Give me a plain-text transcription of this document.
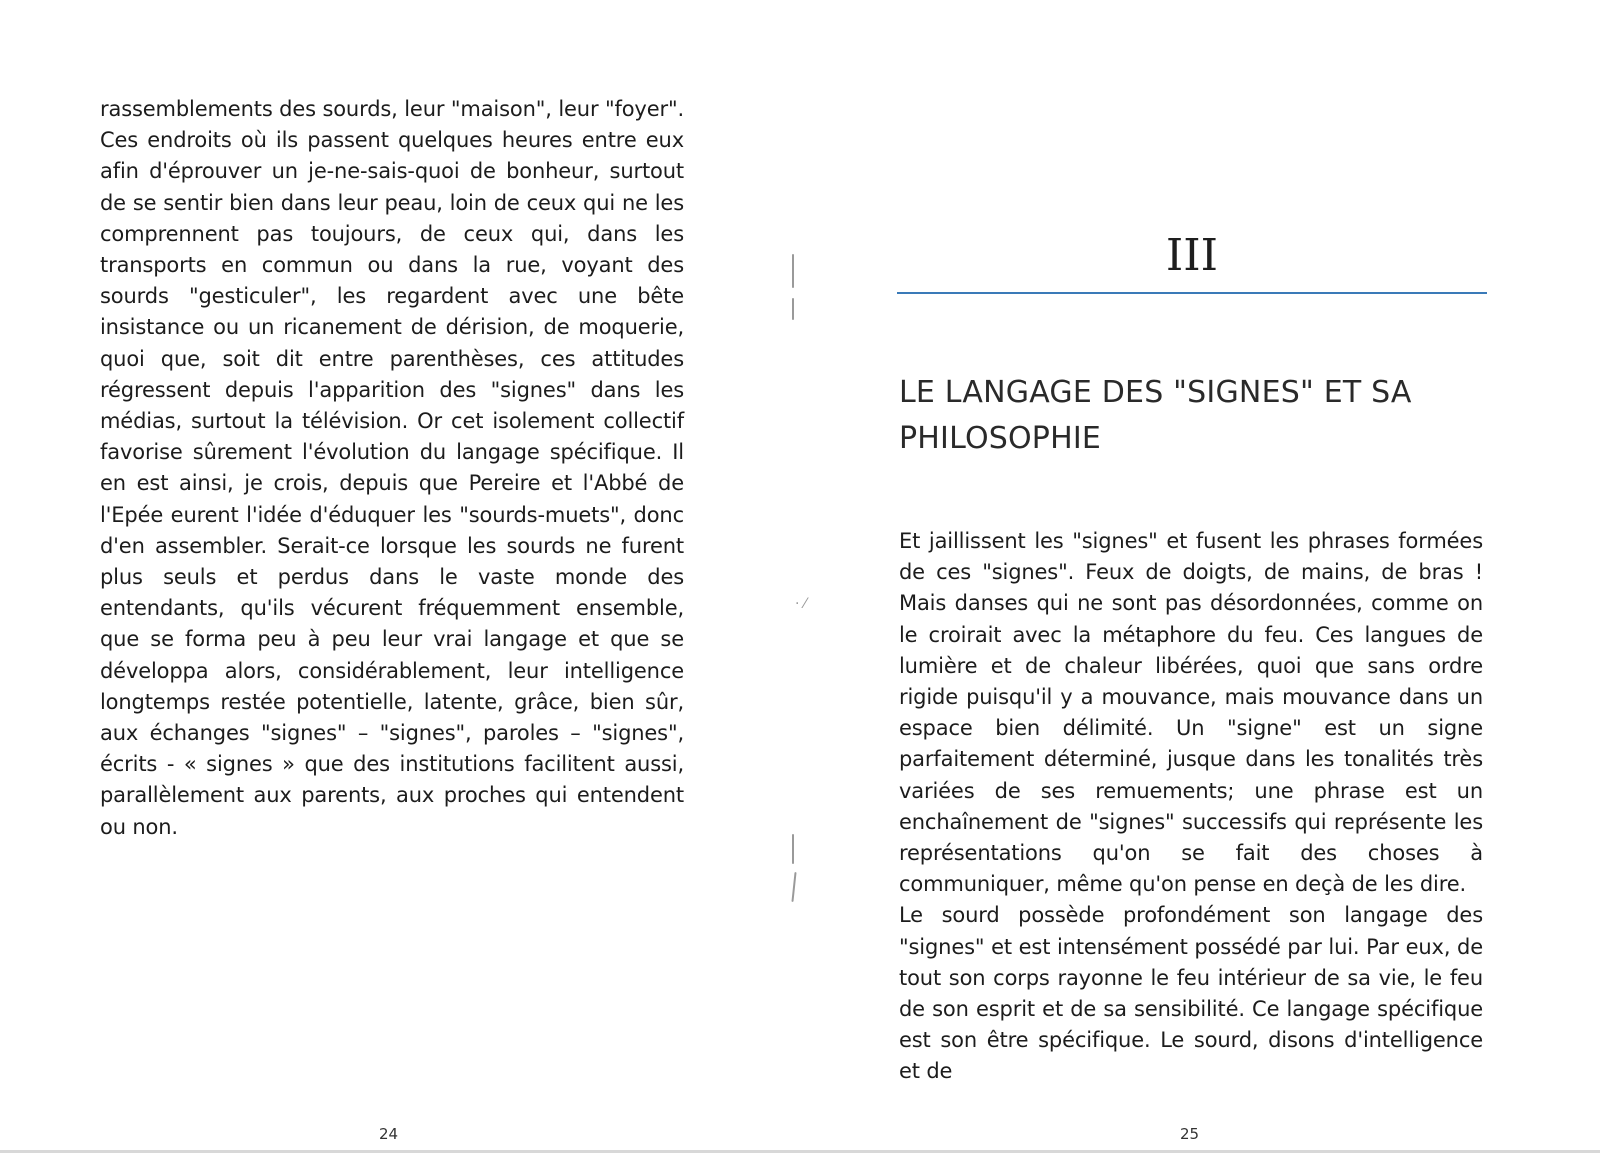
rassemblements des sourds, leur "maison", leur "foyer". Ces endroits où ils passent quelques heures entre eux afin d'éprouver un je-ne-sais-quoi de bonheur, surtout de se sentir bien dans leur peau, loin de ceux qui ne les comprennent pas toujours, de ceux qui, dans les transports en commun ou dans la rue, voyant des sourds "gesticuler", les regardent avec une bête insistance ou un ricanement de dérision, de moquerie, quoi que, soit dit entre parenthèses, ces attitudes régressent depuis l'apparition des "signes" dans les médias, surtout la télévision. Or cet isolement collectif favorise sûrement l'évolution du langage spécifique. Il en est ainsi, je crois, depuis que Pereire et l'Abbé de l'Epée eurent l'idée d'éduquer les "sourds-muets", donc d'en assembler. Serait-ce lorsque les sourds ne furent plus seuls et perdus dans le vaste monde des entendants, qu'ils vécurent fréquemment ensemble, que se forma peu à peu leur vrai langage et que se développa alors, considérablement, leur intelligence longtemps restée potentielle, latente, grâce, bien sûr, aux échanges "signes" – "signes", paroles – "signes", écrits - « signes » que des institutions facilitent aussi, parallèlement aux parents, aux proches qui entendent ou non.

24
· ⁄
III
LE LANGAGE DES "SIGNES" ET SA PHILOSOPHIE

Et jaillissent les "signes" et fusent les phrases formées de ces "signes". Feux de doigts, de mains, de bras ! Mais danses qui ne sont pas désordonnées, comme on le croirait avec la métaphore du feu. Ces langues de lumière et de chaleur libérées, quoi que sans ordre rigide puisqu'il y a mouvance, mais mouvance dans un espace bien délimité. Un "signe" est un signe parfaitement déterminé, jusque dans les tonalités très variées de ses remuements; une phrase est un enchaînement de "signes" successifs qui représente les représentations qu'on se fait des choses à communiquer, même qu'on pense en deçà de les dire.

Le sourd possède profondément son langage des "signes" et est intensément possédé par lui. Par eux, de tout son corps rayonne le feu intérieur de sa vie, le feu de son esprit et de sa sensibilité. Ce langage spécifique est son être spécifique. Le sourd, disons d'intelligence et de

25
